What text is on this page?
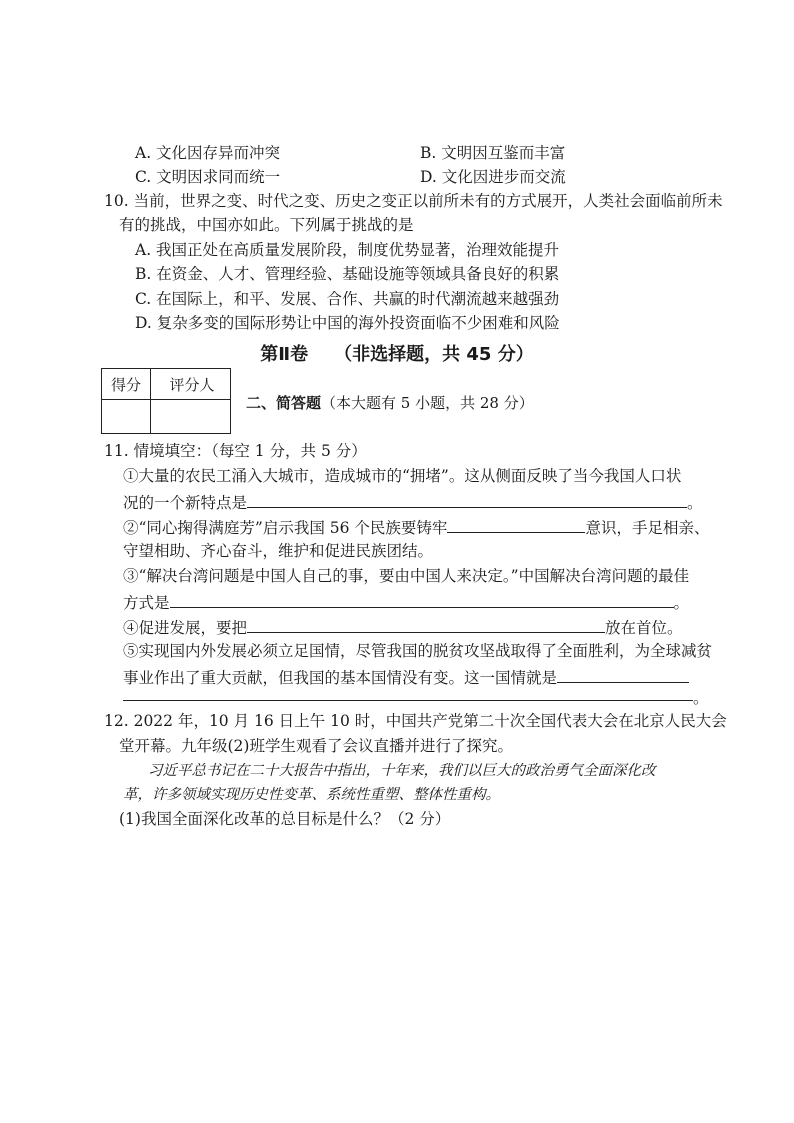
A. 文化因存异而冲突	B. 文明因互鉴而丰富
C. 文明因求同而统一	D. 文化因进步而交流
10. 当前，世界之变、时代之变、历史之变正以前所未有的方式展开，人类社会面临前所未
有的挑战，中国亦如此。下列属于挑战的是
A. 我国正处在高质量发展阶段，制度优势显著，治理效能提升
B. 在资金、人才、管理经验、基础设施等领域具备良好的积累
C. 在国际上，和平、发展、合作、共赢的时代潮流越来越强劲
D. 复杂多变的国际形势让中国的海外投资面临不少困难和风险
第Ⅱ卷 （非选择题，共 45 分）
得分	评分人
二、简答题（本大题有 5 小题，共 28 分）
11. 情境填空：（每空 1 分，共 5 分）
①大量的农民工涌入大城市，造成城市的“拥堵”。这从侧面反映了当今我国人口状
况的一个新特点是	。
②“同心掬得满庭芳”启示我国 56 个民族要铸牢	意识，手足相亲、
守望相助、齐心奋斗，维护和促进民族团结。
③“解决台湾问题是中国人自己的事，要由中国人来决定。”中国解决台湾问题的最佳
方式是	。
④促进发展，要把	放在首位。
⑤实现国内外发展必须立足国情，尽管我国的脱贫攻坚战取得了全面胜利，为全球减贫
事业作出了重大贡献，但我国的基本国情没有变。这一国情就是
。
12. 2022 年，10 月 16 日上午 10 时，中国共产党第二十次全国代表大会在北京人民大会
堂开幕。九年级(2)班学生观看了会议直播并进行了探究。
习近平总书记在二十大报告中指出，十年来，我们以巨大的政治勇气全面深化改
革，许多领域实现历史性变革、系统性重塑、整体性重构。
(1)我国全面深化改革的总目标是什么？（2 分）
